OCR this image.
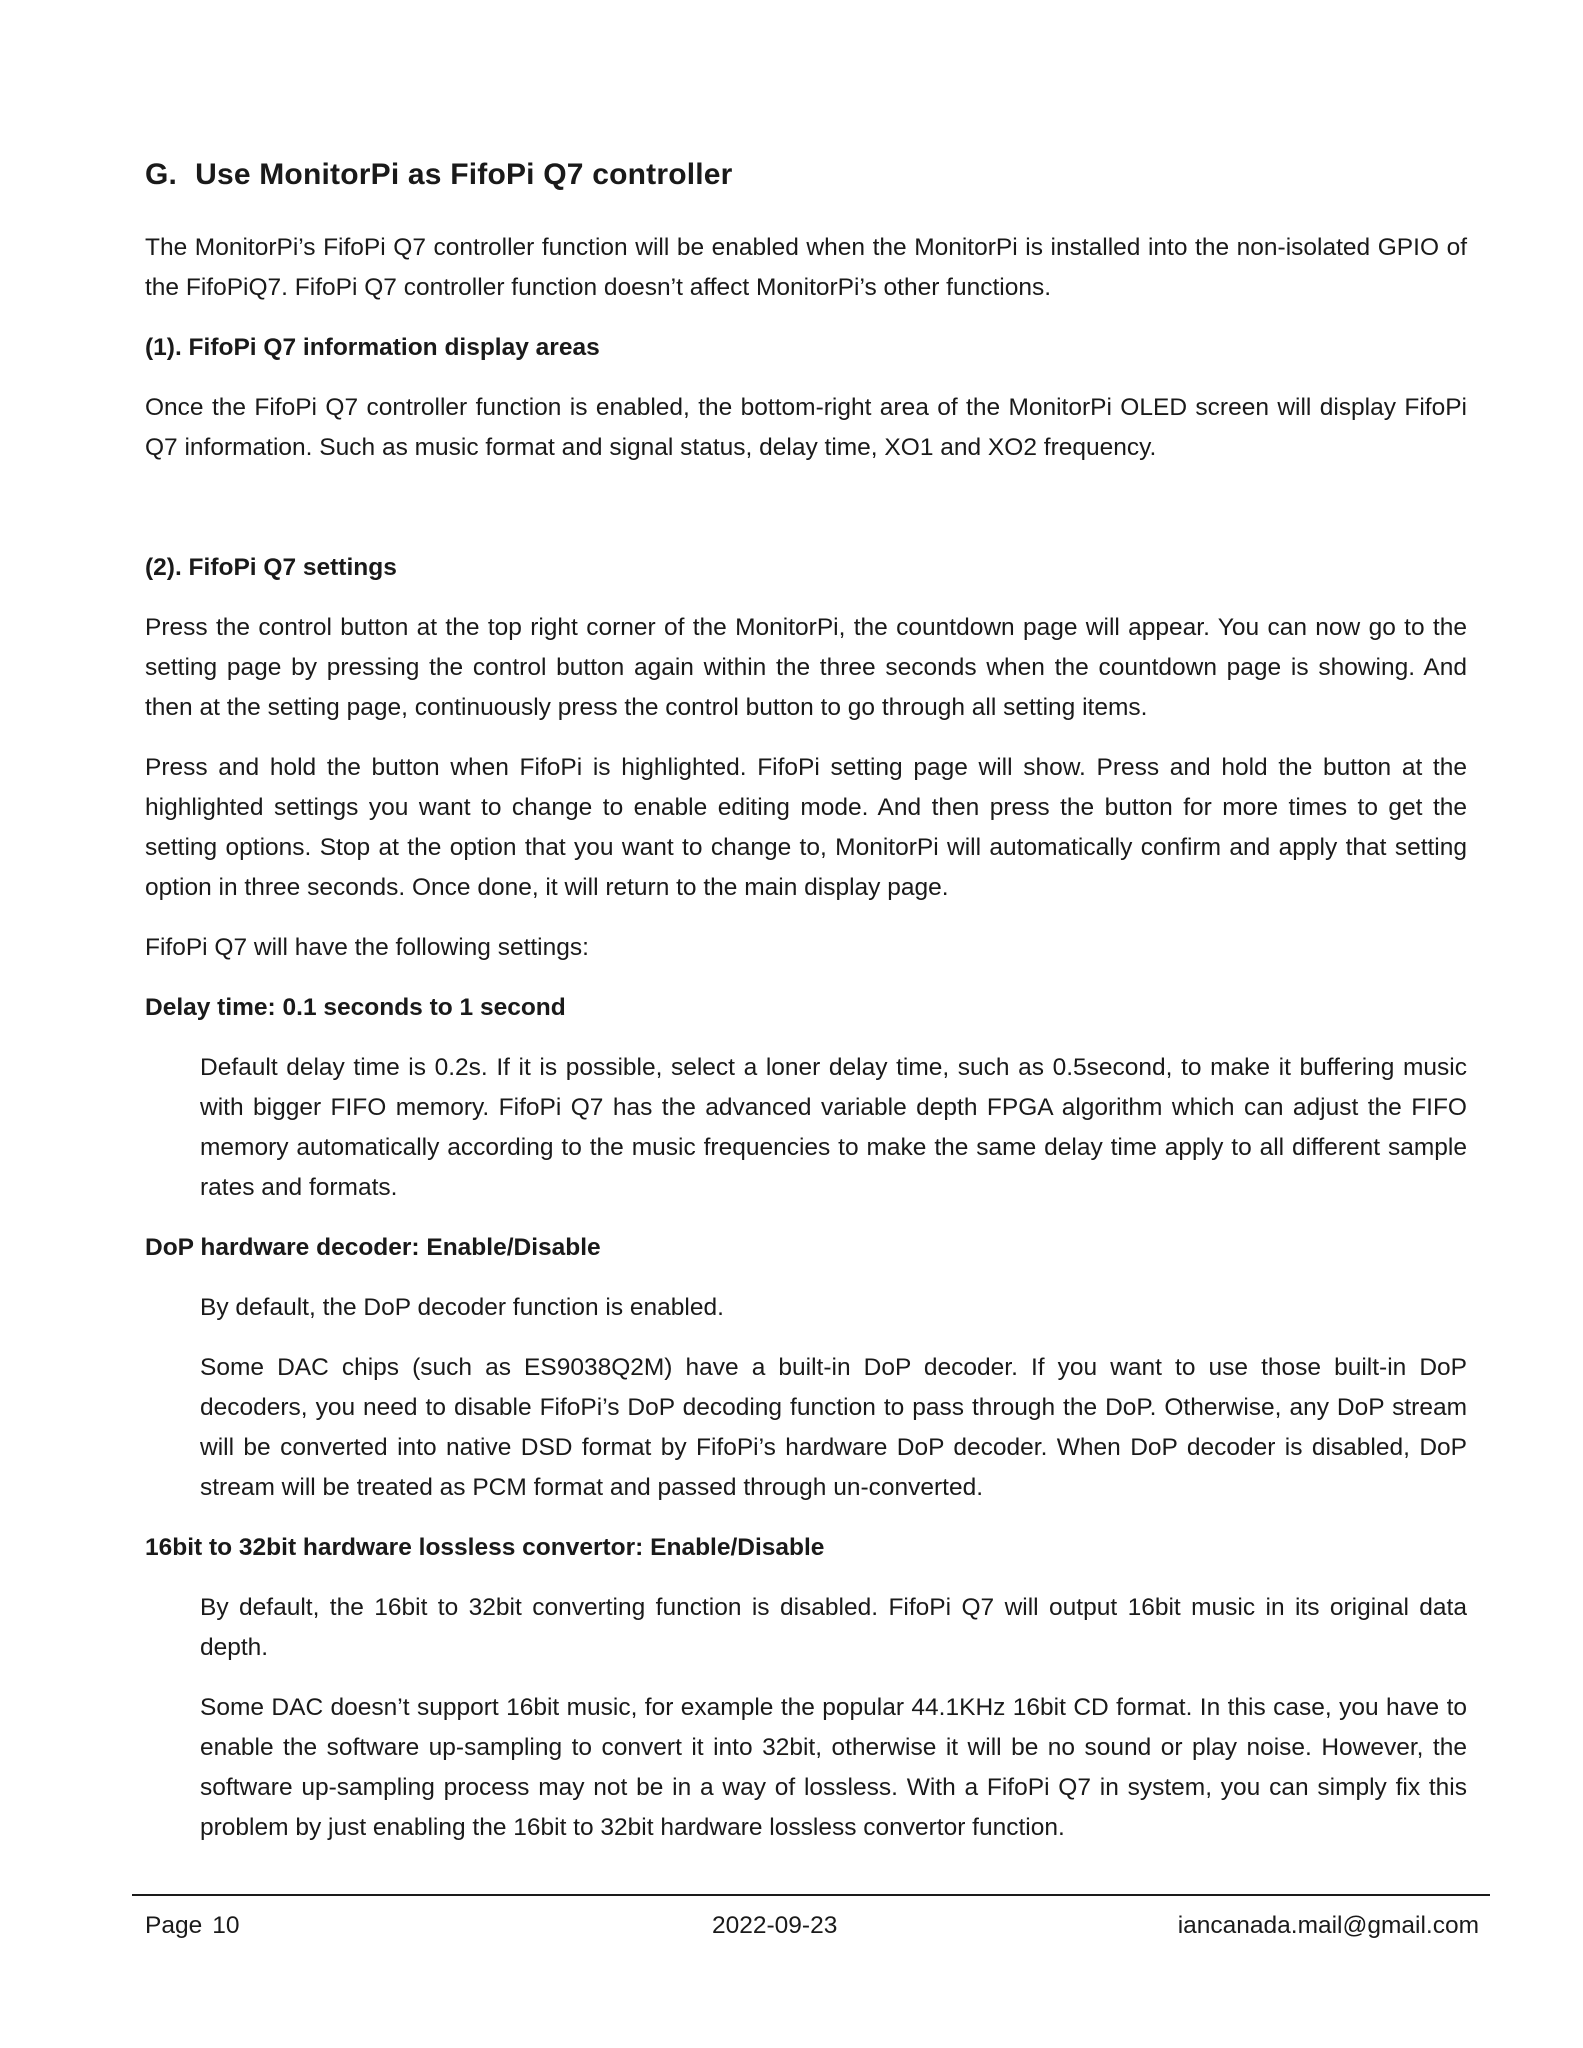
G. Use MonitorPi as FifoPi Q7 controller

The MonitorPi’s FifoPi Q7 controller function will be enabled when the MonitorPi is installed into the non-isolated GPIO of the FifoPiQ7. FifoPi Q7 controller function doesn’t affect MonitorPi’s other functions.

(1). FifoPi Q7 information display areas

Once the FifoPi Q7 controller function is enabled, the bottom-right area of the MonitorPi OLED screen will display FifoPi Q7 information. Such as music format and signal status, delay time, XO1 and XO2 frequency.

(2). FifoPi Q7 settings

Press the control button at the top right corner of the MonitorPi, the countdown page will appear. You can now go to the setting page by pressing the control button again within the three seconds when the countdown page is showing. And then at the setting page, continuously press the control button to go through all setting items.

Press and hold the button when FifoPi is highlighted. FifoPi setting page will show. Press and hold the button at the highlighted settings you want to change to enable editing mode. And then press the button for more times to get the setting options. Stop at the option that you want to change to, MonitorPi will automatically confirm and apply that setting option in three seconds. Once done, it will return to the main display page.

FifoPi Q7 will have the following settings:

Delay time: 0.1 seconds to 1 second

Default delay time is 0.2s. If it is possible, select a loner delay time, such as 0.5second, to make it buffering music with bigger FIFO memory. FifoPi Q7 has the advanced variable depth FPGA algorithm which can adjust the FIFO memory automatically according to the music frequencies to make the same delay time apply to all different sample rates and formats.

DoP hardware decoder: Enable/Disable

By default, the DoP decoder function is enabled.

Some DAC chips (such as ES9038Q2M) have a built-in DoP decoder. If you want to use those built-in DoP decoders, you need to disable FifoPi’s DoP decoding function to pass through the DoP. Otherwise, any DoP stream will be converted into native DSD format by FifoPi’s hardware DoP decoder. When DoP decoder is disabled, DoP stream will be treated as PCM format and passed through un-converted.

16bit to 32bit hardware lossless convertor: Enable/Disable

By default, the 16bit to 32bit converting function is disabled. FifoPi Q7 will output 16bit music in its original data depth.

Some DAC doesn’t support 16bit music, for example the popular 44.1KHz 16bit CD format. In this case, you have to enable the software up-sampling to convert it into 32bit, otherwise it will be no sound or play noise. However, the software up-sampling process may not be in a way of lossless. With a FifoPi Q7 in system, you can simply fix this problem by just enabling the 16bit to 32bit hardware lossless convertor function.

Page 10	2022-09-23	iancanada.mail@gmail.com
